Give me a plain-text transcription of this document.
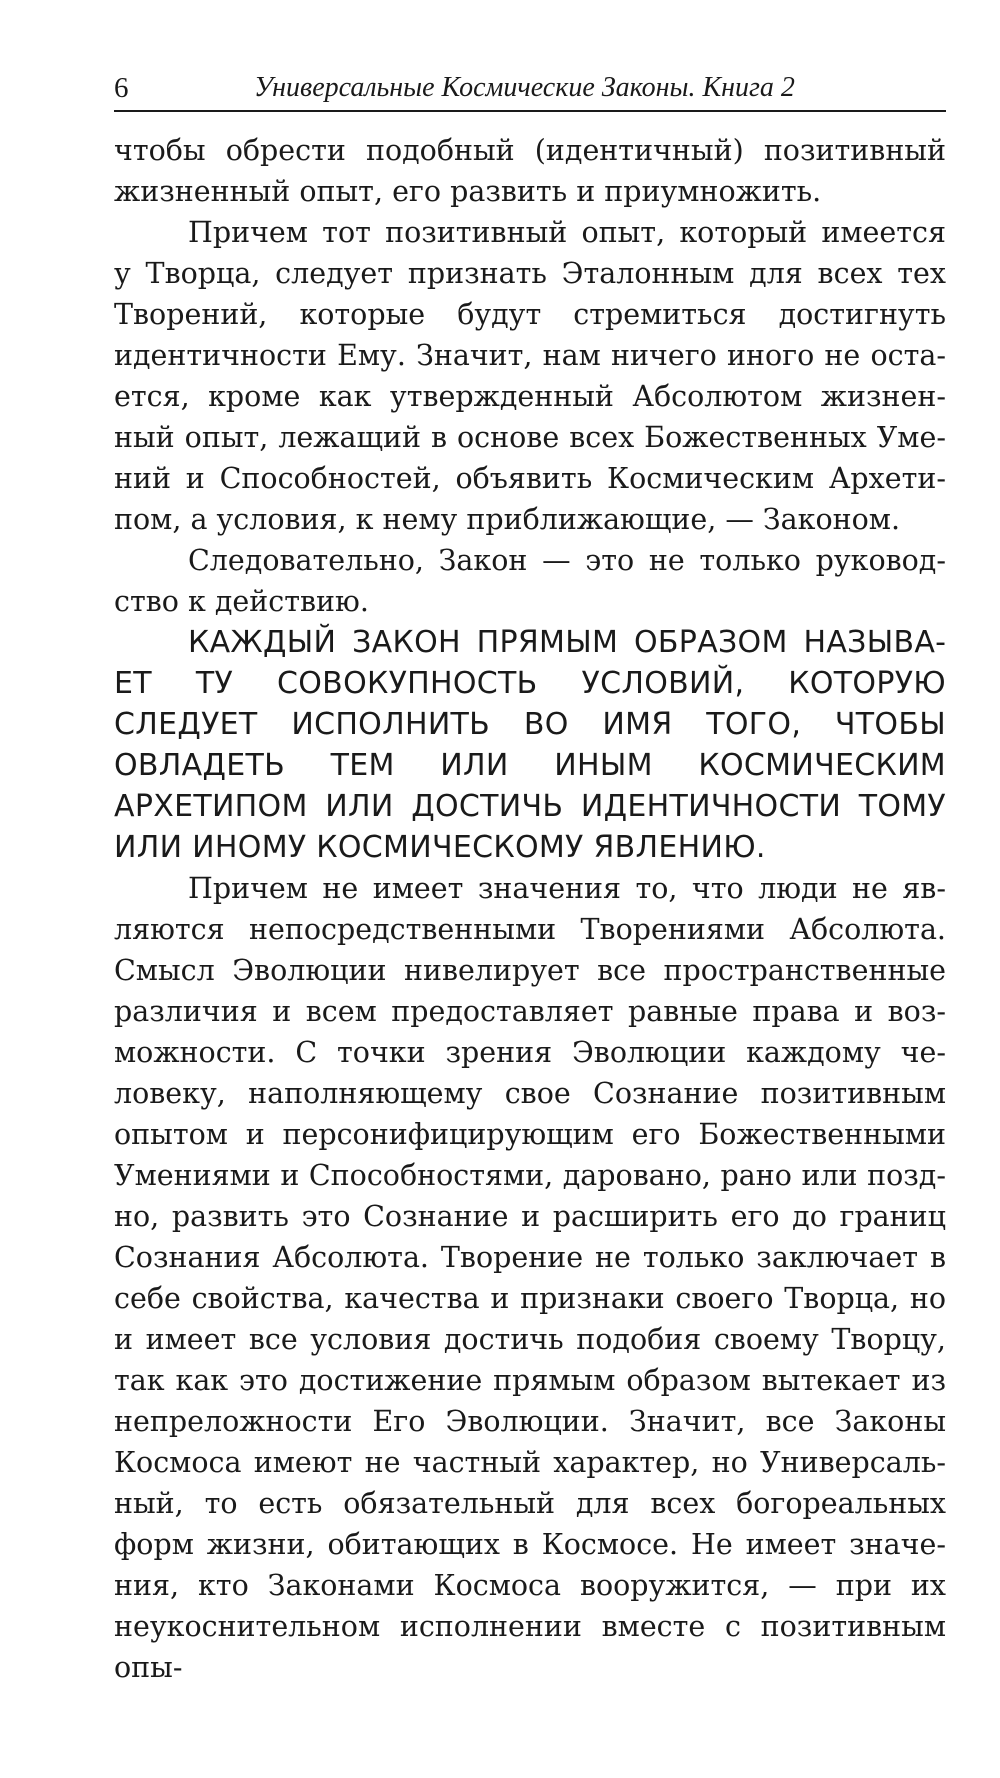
6	Универсальные Космические Законы. Книга 2

чтобы обрести подобный (идентичный) позитивный жизненный опыт, его развить и приумножить.

Причем тот позитивный опыт, который имеется у Творца, следует признать Эталонным для всех тех Творений, которые будут стремиться достигнуть идентичности Ему. Значит, нам ничего иного не остается, кроме как утвержденный Абсолютом жизненный опыт, лежащий в основе всех Божественных Умений и Способностей, объявить Космическим Архетипом, а условия, к нему приближающие, — Законом.

Следовательно, Закон — это не только руководство к действию.

КАЖДЫЙ ЗАКОН ПРЯМЫМ ОБРАЗОМ НАЗЫВАЕТ ТУ СОВОКУПНОСТЬ УСЛОВИЙ, КОТОРУЮ СЛЕДУЕТ ИСПОЛНИТЬ ВО ИМЯ ТОГО, ЧТОБЫ ОВЛАДЕТЬ ТЕМ ИЛИ ИНЫМ КОСМИЧЕСКИМ АРХЕТИПОМ ИЛИ ДОСТИЧЬ ИДЕНТИЧНОСТИ ТОМУ ИЛИ ИНОМУ КОСМИЧЕСКОМУ ЯВЛЕНИЮ.

Причем не имеет значения то, что люди не являются непосредственными Творениями Абсолюта. Смысл Эволюции нивелирует все пространственные различия и всем предоставляет равные права и возможности. С точки зрения Эволюции каждому человеку, наполняющему свое Сознание позитивным опытом и персонифицирующим его Божественными Умениями и Способностями, даровано, рано или поздно, развить это Сознание и расширить его до границ Сознания Абсолюта. Творение не только заключает в себе свойства, качества и признаки своего Творца, но и имеет все условия достичь подобия своему Творцу, так как это достижение прямым образом вытекает из непреложности Его Эволюции. Значит, все Законы Космоса имеют не частный характер, но Универсальный, то есть обязательный для всех богореальных форм жизни, обитающих в Космосе. Не имеет значения, кто Законами Космоса вооружится, — при их неукоснительном исполнении вместе с позитивным опы-
